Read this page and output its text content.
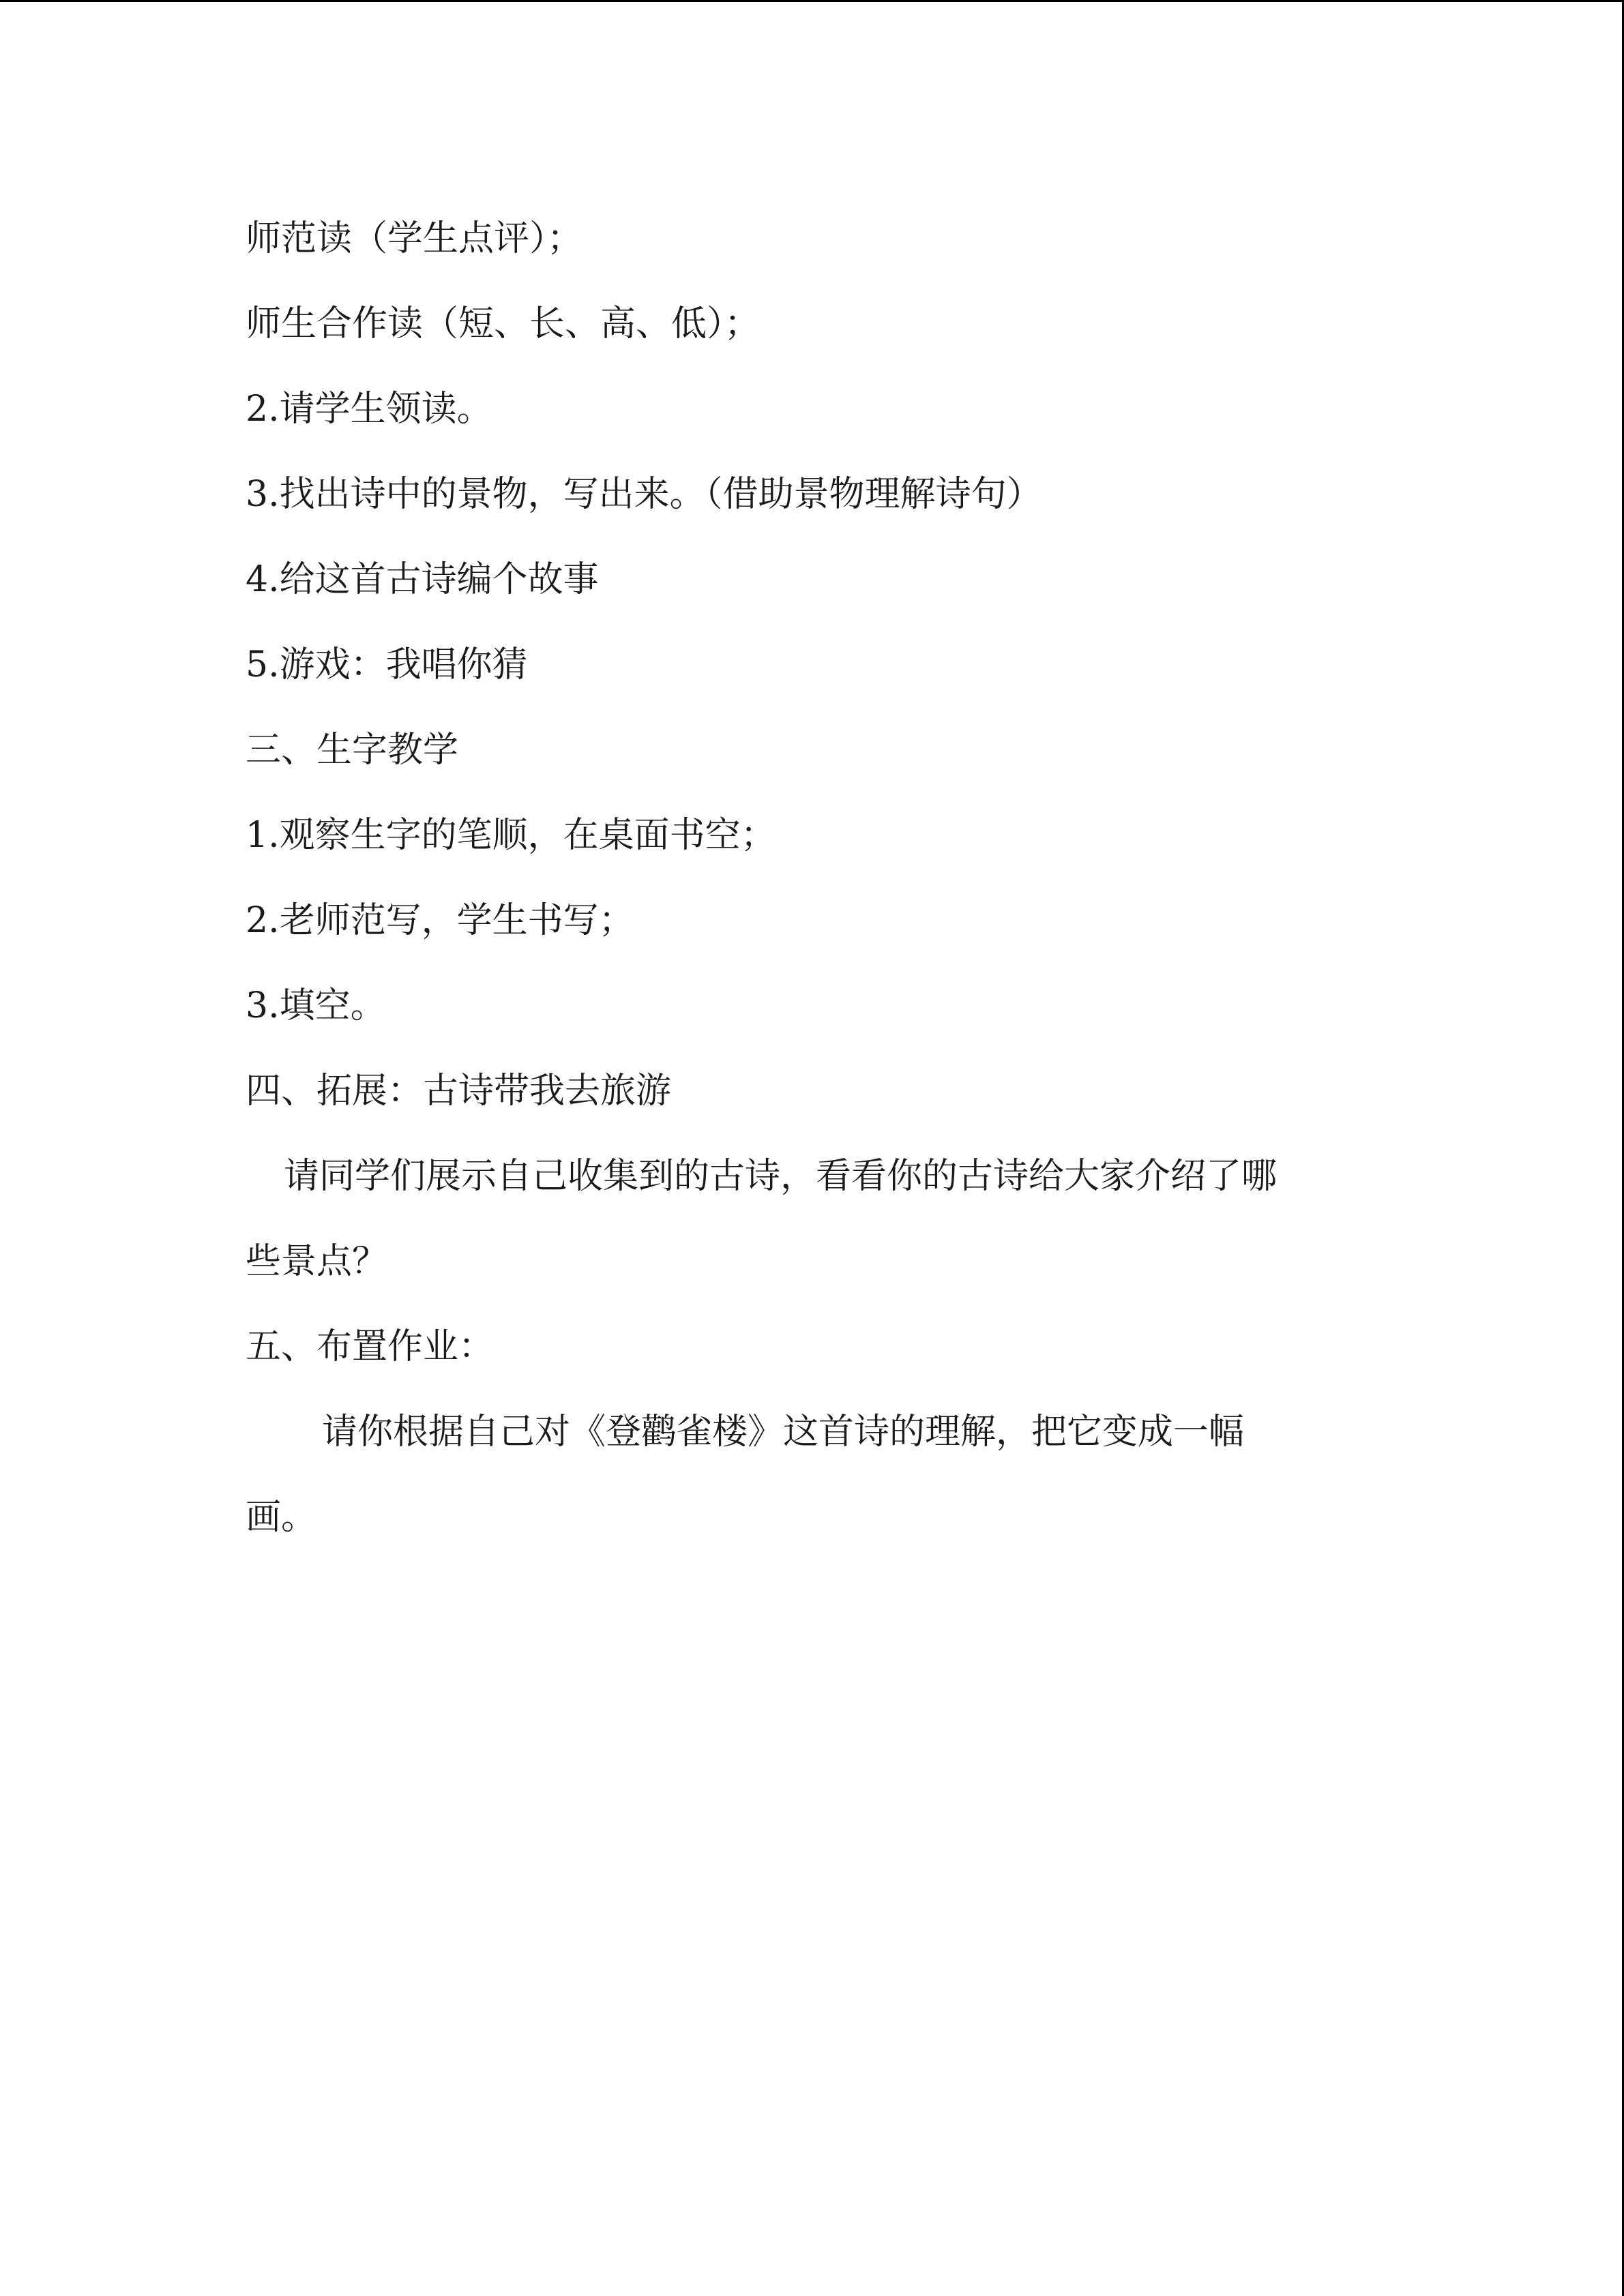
师范读（学生点评）；
师生合作读（短、长、高、低）；
2.请学生领读。
3.找出诗中的景物，写出来。（借助景物理解诗句）
4.给这首古诗编个故事
5.游戏：我唱你猜
三、生字教学
1.观察生字的笔顺，在桌面书空；
2.老师范写，学生书写；
3.填空。
四、拓展：古诗带我去旅游
请同学们展示自己收集到的古诗，看看你的古诗给大家介绍了哪
些景点？
五、布置作业：
请你根据自己对《登鹳雀楼》这首诗的理解，把它变成一幅
画。
